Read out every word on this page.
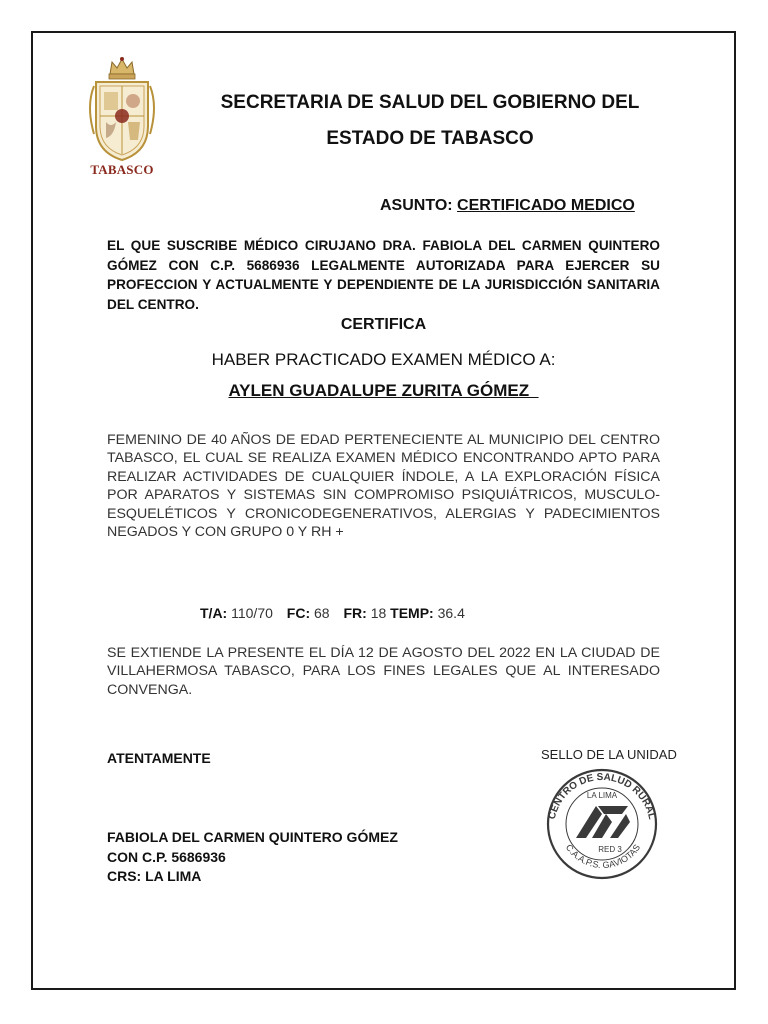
TABASCO
SECRETARIA DE SALUD DEL GOBIERNO DEL
ESTADO DE TABASCO
ASUNTO: CERTIFICADO MEDICO
EL QUE SUSCRIBE MÉDICO CIRUJANO DRA. FABIOLA DEL CARMEN QUINTERO GÓMEZ CON C.P. 5686936 LEGALMENTE AUTORIZADA PARA EJERCER SU PROFECCION Y ACTUALMENTE Y DEPENDIENTE DE LA JURISDICCIÓN SANITARIA DEL CENTRO.
CERTIFICA
HABER PRACTICADO EXAMEN MÉDICO A:
AYLEN GUADALUPE ZURITA GÓMEZ
FEMENINO DE 40 AÑOS DE EDAD PERTENECIENTE AL MUNICIPIO DEL CENTRO TABASCO, EL CUAL SE REALIZA EXAMEN MÉDICO ENCONTRANDO APTO PARA REALIZAR ACTIVIDADES DE CUALQUIER ÍNDOLE, A LA EXPLORACIÓN FÍSICA POR APARATOS Y SISTEMAS SIN COMPROMISO PSIQUIÁTRICOS, MUSCULO-ESQUELÉTICOS Y CRONICODEGENERATIVOS, ALERGIAS Y PADECIMIENTOS NEGADOS Y CON GRUPO 0 Y RH +
T/A: 110/70 FC: 68 FR: 18 TEMP: 36.4
SE EXTIENDE LA PRESENTE EL DÍA 12 DE AGOSTO DEL 2022 EN LA CIUDAD DE VILLAHERMOSA TABASCO, PARA LOS FINES LEGALES QUE AL INTERESADO CONVENGA.
ATENTAMENTE	SELLO DE LA UNIDAD
CENTRO DE SALUD RURAL
C.A.A.P.S. GAVIOTAS
LA LIMA
RED 3
FABIOLA DEL CARMEN QUINTERO GÓMEZ
CON C.P. 5686936
CRS: LA LIMA
